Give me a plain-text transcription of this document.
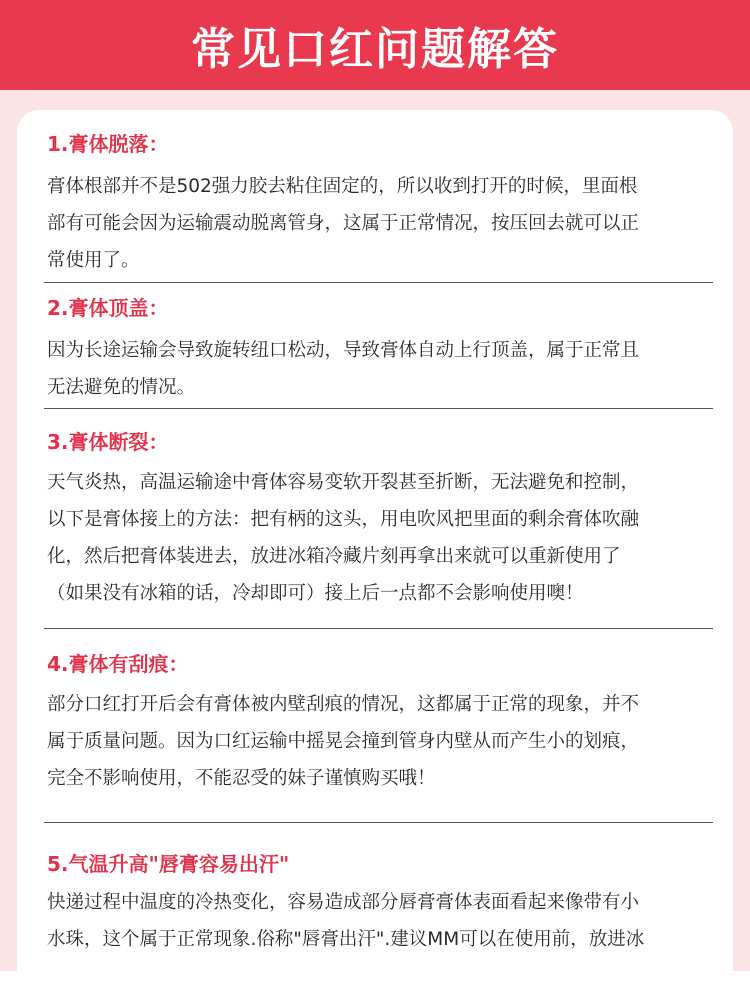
常见口红问题解答
1.膏体脱落：
膏体根部并不是502强力胶去粘住固定的，所以收到打开的时候，里面根
部有可能会因为运输震动脱离管身，这属于正常情况，按压回去就可以正
常使用了。
2.膏体顶盖：
因为长途运输会导致旋转纽口松动，导致膏体自动上行顶盖，属于正常且
无法避免的情况。
3.膏体断裂：
天气炎热，高温运输途中膏体容易变软开裂甚至折断，无法避免和控制，
以下是膏体接上的方法：把有柄的这头，用电吹风把里面的剩余膏体吹融
化，然后把膏体装进去，放进冰箱冷藏片刻再拿出来就可以重新使用了
（如果没有冰箱的话，冷却即可）接上后一点都不会影响使用噢！
4.膏体有刮痕：
部分口红打开后会有膏体被内壁刮痕的情况，这都属于正常的现象，并不
属于质量问题。因为口红运输中摇晃会撞到管身内壁从而产生小的划痕，
完全不影响使用，不能忍受的妹子谨慎购买哦！
5.气温升高"唇膏容易出汗"
快递过程中温度的冷热变化，容易造成部分唇膏膏体表面看起来像带有小
水珠，这个属于正常现象.俗称"唇膏出汗".建议MM可以在使用前，放进冰
